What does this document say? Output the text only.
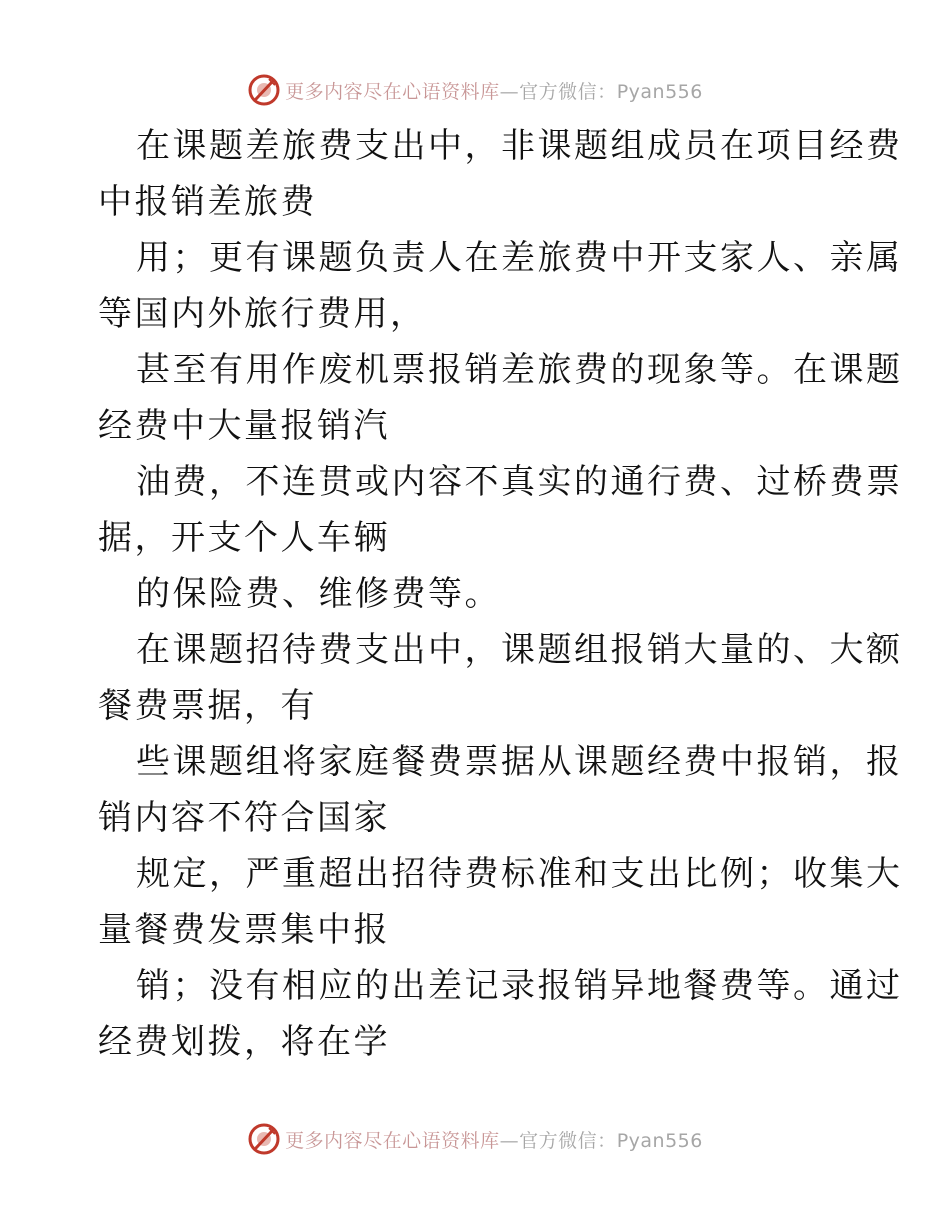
更多内容尽在心语资料库—官方微信：Pyan556

在课题差旅费支出中，非课题组成员在项目经费
中报销差旅费

用；更有课题负责人在差旅费中开支家人、亲属
等国内外旅行费用，

甚至有用作废机票报销差旅费的现象等。在课题
经费中大量报销汽

油费，不连贯或内容不真实的通行费、过桥费票
据，开支个人车辆

的保险费、维修费等。

在课题招待费支出中，课题组报销大量的、大额
餐费票据，有

些课题组将家庭餐费票据从课题经费中报销，报
销内容不符合国家

规定，严重超出招待费标准和支出比例；收集大
量餐费发票集中报

销；没有相应的出差记录报销异地餐费等。通过
经费划拨，将在学

更多内容尽在心语资料库—官方微信：Pyan556
